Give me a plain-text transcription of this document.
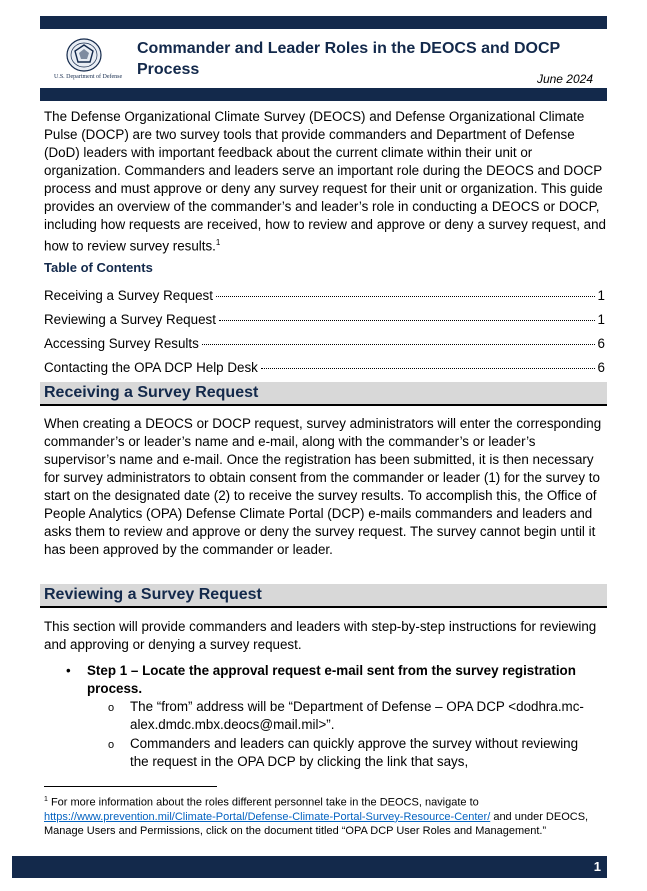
U.S. Department of Defense
Commander and Leader Roles in the DEOCS and DOCP Process
June 2024

The Defense Organizational Climate Survey (DEOCS) and Defense Organizational Climate Pulse (DOCP) are two survey tools that provide commanders and Department of Defense (DoD) leaders with important feedback about the current climate within their unit or organization. Commanders and leaders serve an important role during the DEOCS and DOCP process and must approve or deny any survey request for their unit or organization. This guide provides an overview of the commander’s and leader’s role in conducting a DEOCS or DOCP, including how requests are received, how to review and approve or deny a survey request, and how to review survey results.$^1$

Table of Contents
Receiving a Survey Request	1
Reviewing a Survey Request	1
Accessing Survey Results	6
Contacting the OPA DCP Help Desk	6
Receiving a Survey Request

When creating a DEOCS or DOCP request, survey administrators will enter the corresponding commander’s or leader’s name and e-mail, along with the commander’s or leader’s supervisor’s name and e-mail. Once the registration has been submitted, it is then necessary for survey administrators to obtain consent from the commander or leader (1) for the survey to start on the designated date (2) to receive the survey results. To accomplish this, the Office of People Analytics (OPA) Defense Climate Portal (DCP) e-mails commanders and leaders and asks them to review and approve or deny the survey request. The survey cannot begin until it has been approved by the commander or leader.

Reviewing a Survey Request

This section will provide commanders and leaders with step-by-step instructions for reviewing and approving or denying a survey request.

• Step 1 – Locate the approval request e-mail sent from the survey registration process.
o The “from” address will be “Department of Defense – OPA DCP <dodhra.mc-alex.dmdc.mbx.deocs@mail.mil>”.
o Commanders and leaders can quickly approve the survey without reviewing the request in the OPA DCP by clicking the link that says,
$^1$ For more information about the roles different personnel take in the DEOCS, navigate to https://www.prevention.mil/Climate-Portal/Defense-Climate-Portal-Survey-Resource-Center/ and under DEOCS, Manage Users and Permissions, click on the document titled “OPA DCP User Roles and Management.”
1
